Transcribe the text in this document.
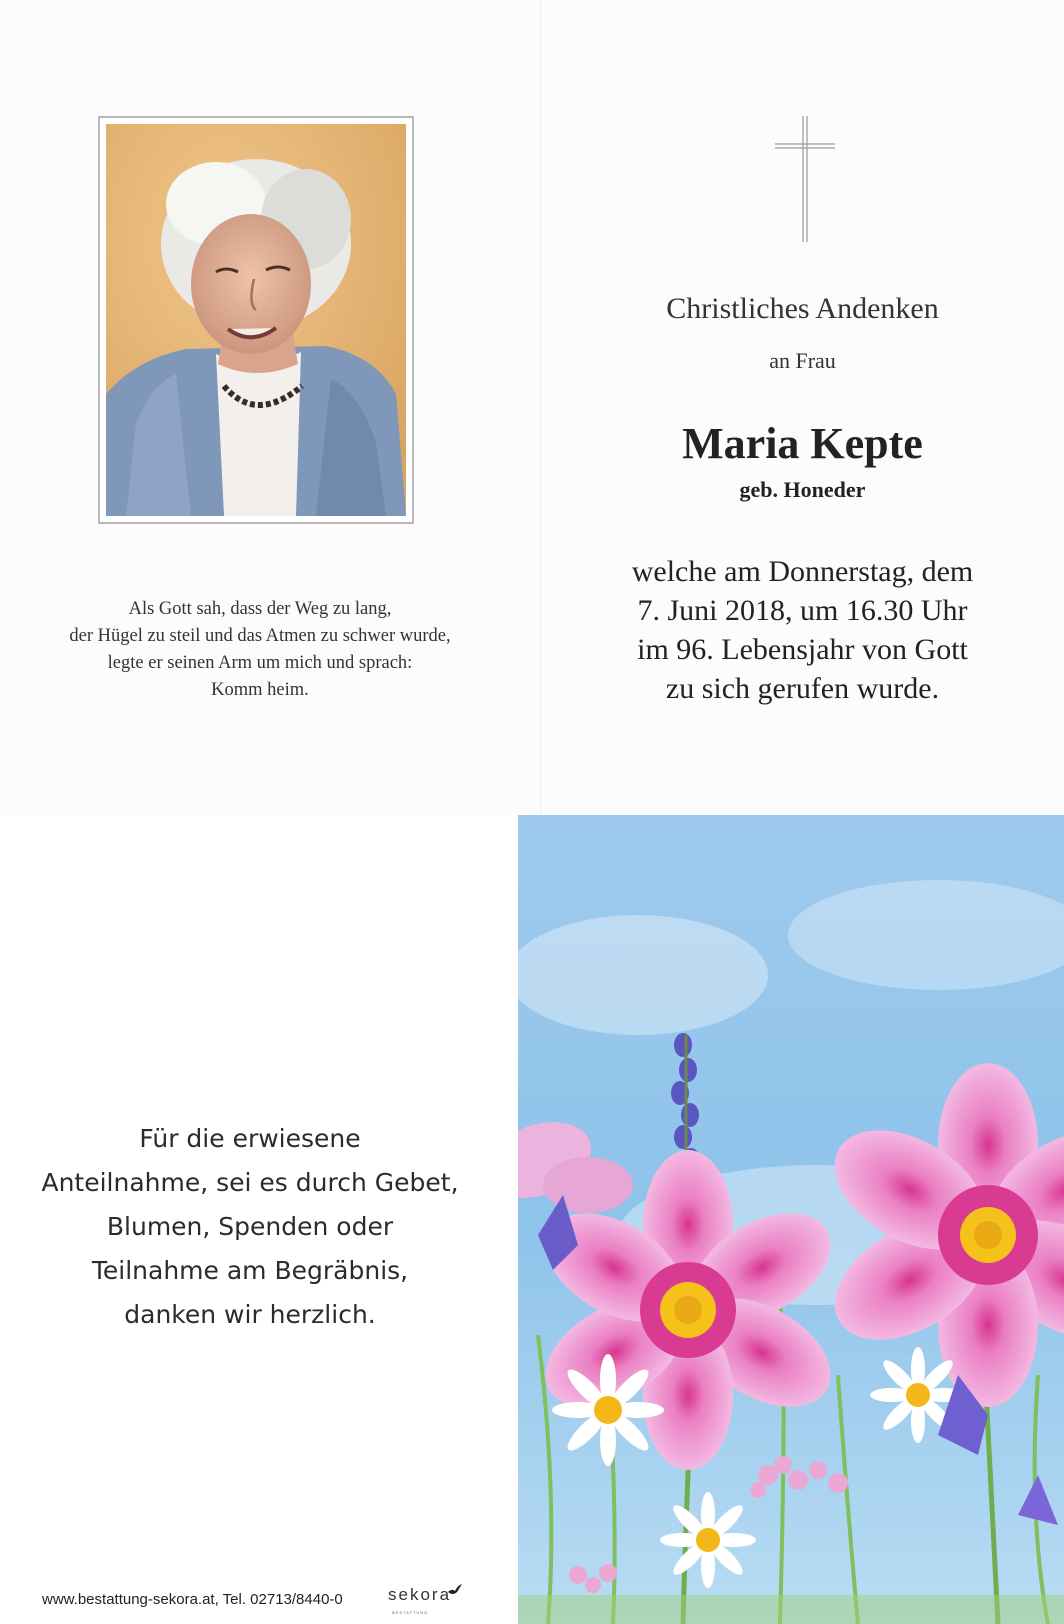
Als Gott sah, dass der Weg zu lang,
der Hügel zu steil und das Atmen zu schwer wurde,
legte er seinen Arm um mich und sprach:
Komm heim.
Christliches Andenken
an Frau
Maria Kepte
geb. Honeder
welche am Donnerstag, dem
7. Juni 2018, um 16.30 Uhr
im 96. Lebensjahr von Gott
zu sich gerufen wurde.
Für die erwiesene
Anteilnahme, sei es durch Gebet,
Blumen, Spenden oder
Teilnahme am Begräbnis,
danken wir herzlich.
www.bestattung-sekora.at, Tel. 02713/8440-0	sekora
BESTATTUNG
